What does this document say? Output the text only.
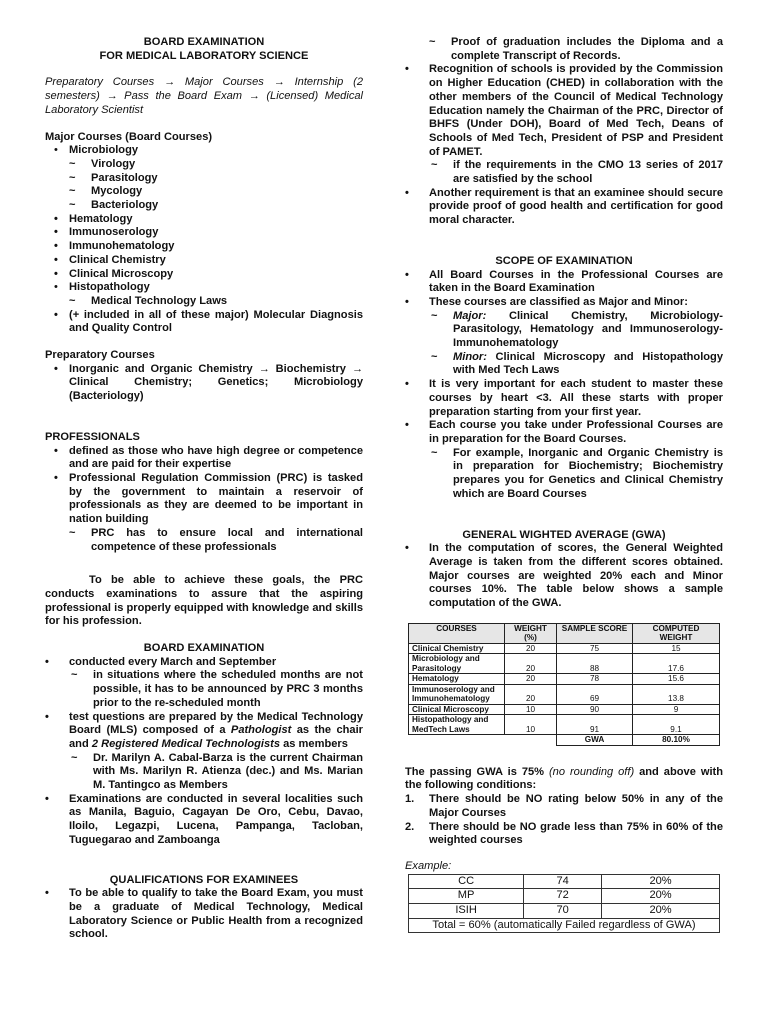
BOARD EXAMINATION
FOR MEDICAL LABORATORY SCIENCE

Preparatory Courses → Major Courses → Internship (2 semesters) → Pass the Board Exam → (Licensed) Medical Laboratory Scientist

Major Courses (Board Courses)
• Microbiology
~ Virology
~ Parasitology
~ Mycology
~ Bacteriology
• Hematology
• Immunoserology
• Immunohematology
• Clinical Chemistry
• Clinical Microscopy
• Histopathology
~ Medical Technology Laws
• (+ included in all of these major) Molecular Diagnosis and Quality Control
Preparatory Courses
• Inorganic and Organic Chemistry → Biochemistry → Clinical Chemistry; Genetics; Microbiology (Bacteriology)
PROFESSIONALS
• defined as those who have high degree or competence and are paid for their expertise
• Professional Regulation Commission (PRC) is tasked by the government to maintain a reservoir of professionals as they are deemed to be important in nation building
~ PRC has to ensure local and international competence of these professionals

To be able to achieve these goals, the PRC conducts examinations to assure that the aspiring professional is properly equipped with knowledge and skills for his profession.

BOARD EXAMINATION
• conducted every March and September
~ in situations where the scheduled months are not possible, it has to be announced by PRC 3 months prior to the re-scheduled month
• test questions are prepared by the Medical Technology Board (MLS) composed of a Pathologist as the chair and 2 Registered Medical Technologists as members
~ Dr. Marilyn A. Cabal-Barza is the current Chairman with Ms. Marilyn R. Atienza (dec.) and Ms. Marian M. Tantingco as Members
• Examinations are conducted in several localities such as Manila, Baguio, Cagayan De Oro, Cebu, Davao, Iloilo, Legazpi, Lucena, Pampanga, Tacloban, Tuguegarao and Zamboanga
QUALIFICATIONS FOR EXAMINEES
• To be able to qualify to take the Board Exam, you must be a graduate of Medical Technology, Medical Laboratory Science or Public Health from a recognized school.
~ Proof of graduation includes the Diploma and a complete Transcript of Records.
• Recognition of schools is provided by the Commission on Higher Education (CHED) in collaboration with the other members of the Council of Medical Technology Education namely the Chairman of the PRC, Director of BHFS (Under DOH), Board of Med Tech, Deans of Schools of Med Tech, President of PSP and President of PAMET.
~ if the requirements in the CMO 13 series of 2017 are satisfied by the school
• Another requirement is that an examinee should secure provide proof of good health and certification for good moral character.
SCOPE OF EXAMINATION
• All Board Courses in the Professional Courses are taken in the Board Examination
• These courses are classified as Major and Minor:
~ Major: Clinical Chemistry, Microbiology-Parasitology, Hematology and Immunoserology-Immunohematology
~ Minor: Clinical Microscopy and Histopathology with Med Tech Laws
• It is very important for each student to master these courses by heart <3. All these starts with proper preparation starting from your first year.
• Each course you take under Professional Courses are in preparation for the Board Courses.
~ For example, Inorganic and Organic Chemistry is in preparation for Biochemistry; Biochemistry prepares you for Genetics and Clinical Chemistry which are Board Courses
GENERAL WIGHTED AVERAGE (GWA)
• In the computation of scores, the General Weighted Average is taken from the different scores obtained. Major courses are weighted 20% each and Minor courses 10%. The table below shows a sample computation of the GWA.
COURSES	WEIGHT (%)	SAMPLE SCORE	COMPUTED WEIGHT
Clinical Chemistry	20	75	15
Microbiology and Parasitology	20	88	17.6
Hematology	20	78	15.6
Immunoserology and Immunohematology	20	69	13.8
Clinical Microscopy	10	90	9
Histopathology and MedTech Laws	10	91	9.1
		GWA	80.10%

The passing GWA is 75% (no rounding off) and above with the following conditions:

1. There should be NO rating below 50% in any of the Major Courses
2. There should be NO grade less than 75% in 60% of the weighted courses
Example:
CC	74	20%
MP	72	20%
ISIH	70	20%
Total = 60% (automatically Failed regardless of GWA)		
